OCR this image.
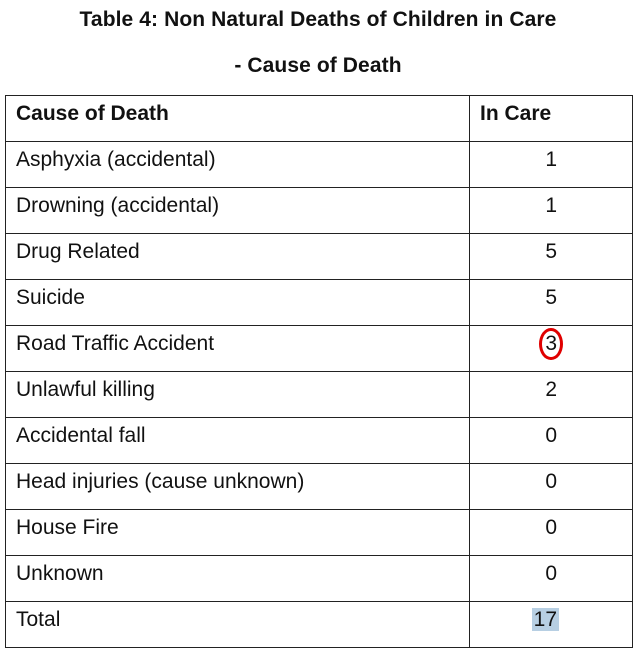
Table 4: Non Natural Deaths of Children in Care
- Cause of Death
Cause of Death	In Care
Asphyxia (accidental)	1
Drowning (accidental)	1
Drug Related	5
Suicide	5
Road Traffic Accident	3
Unlawful killing	2
Accidental fall	0
Head injuries (cause unknown)	0
House Fire	0
Unknown	0
Total	17
